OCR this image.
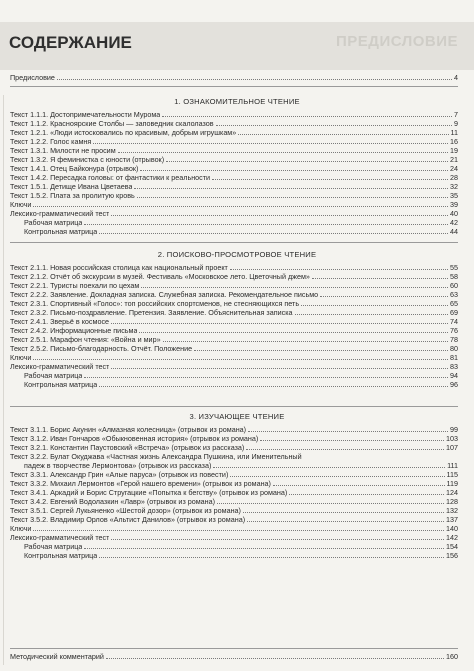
ПРЕДИСЛОВИЕ
СОДЕРЖАНИЕ
Предисловие	4
Методический комментарий	160
1. ОЗНАКОМИТЕЛЬНОЕ ЧТЕНИЕ
Текст 1.1.1. Достопримечательности Мурома	7
Текст 1.1.2. Красноярские Столбы — заповедник скалолазов	9
Текст 1.2.1. «Люди истосковались по красивым, добрым игрушкам»	11
Текст 1.2.2. Голос камня	16
Текст 1.3.1. Милости не просим	19
Текст 1.3.2. Я феминистка с юности (отрывок)	21
Текст 1.4.1. Отец Байконура (отрывок)	24
Текст 1.4.2. Пересадка головы: от фантастики к реальности	28
Текст 1.5.1. Детище Ивана Цветаева	32
Текст 1.5.2. Плата за пролитую кровь	35
Ключи	39
Лексико-грамматический тест	40
Рабочая матрица	42
Контрольная матрица	44
2. ПОИСКОВО-ПРОСМОТРОВОЕ ЧТЕНИЕ
Текст 2.1.1. Новая российская столица как национальный проект	55
Текст 2.1.2. Отчёт об экскурсии в музей. Фестиваль «Московское лето. Цветочный джем»	58
Текст 2.2.1. Туристы поехали по цехам	60
Текст 2.2.2. Заявление. Докладная записка. Служебная записка. Рекомендательное письмо	63
Текст 2.3.1. Спортивный «Голос»: топ российских спортсменов, не стесняющихся петь	65
Текст 2.3.2. Письмо-поздравление. Претензия. Заявление. Объяснительная записка	69
Текст 2.4.1. Зверьё в космосе	74
Текст 2.4.2. Информационные письма	76
Текст 2.5.1. Марафон чтения: «Война и мир»	78
Текст 2.5.2. Письмо-благодарность. Отчёт. Положение	80
Ключи	81
Лексико-грамматический тест	83
Рабочая матрица	94
Контрольная матрица	96
3. ИЗУЧАЮЩЕЕ ЧТЕНИЕ
Текст 3.1.1. Борис Акунин «Алмазная колесница» (отрывок из романа)	99
Текст 3.1.2. Иван Гончаров «Обыкновенная история» (отрывок из романа)	103
Текст 3.2.1. Константин Паустовский «Встреча» (отрывок из рассказа)	107
Текст 3.2.2. Булат Окуджава «Частная жизнь Александра Пушкина, или Именительный
падеж в творчестве Лермонтова» (отрывок из рассказа)	111
Текст 3.3.1. Александр Грин «Алые паруса» (отрывок из повести)	115
Текст 3.3.2. Михаил Лермонтов «Герой нашего времени» (отрывок из романа)	119
Текст 3.4.1. Аркадий и Борис Стругацкие «Попытка к бегству» (отрывок из романа)	124
Текст 3.4.2. Евгений Водолазкин «Лавр» (отрывок из романа)	128
Текст 3.5.1. Сергей Лукьяненко «Шестой дозор» (отрывок из романа)	132
Текст 3.5.2. Владимир Орлов «Альтист Данилов» (отрывок из романа)	137
Ключи	140
Лексико-грамматический тест	142
Рабочая матрица	154
Контрольная матрица	156
